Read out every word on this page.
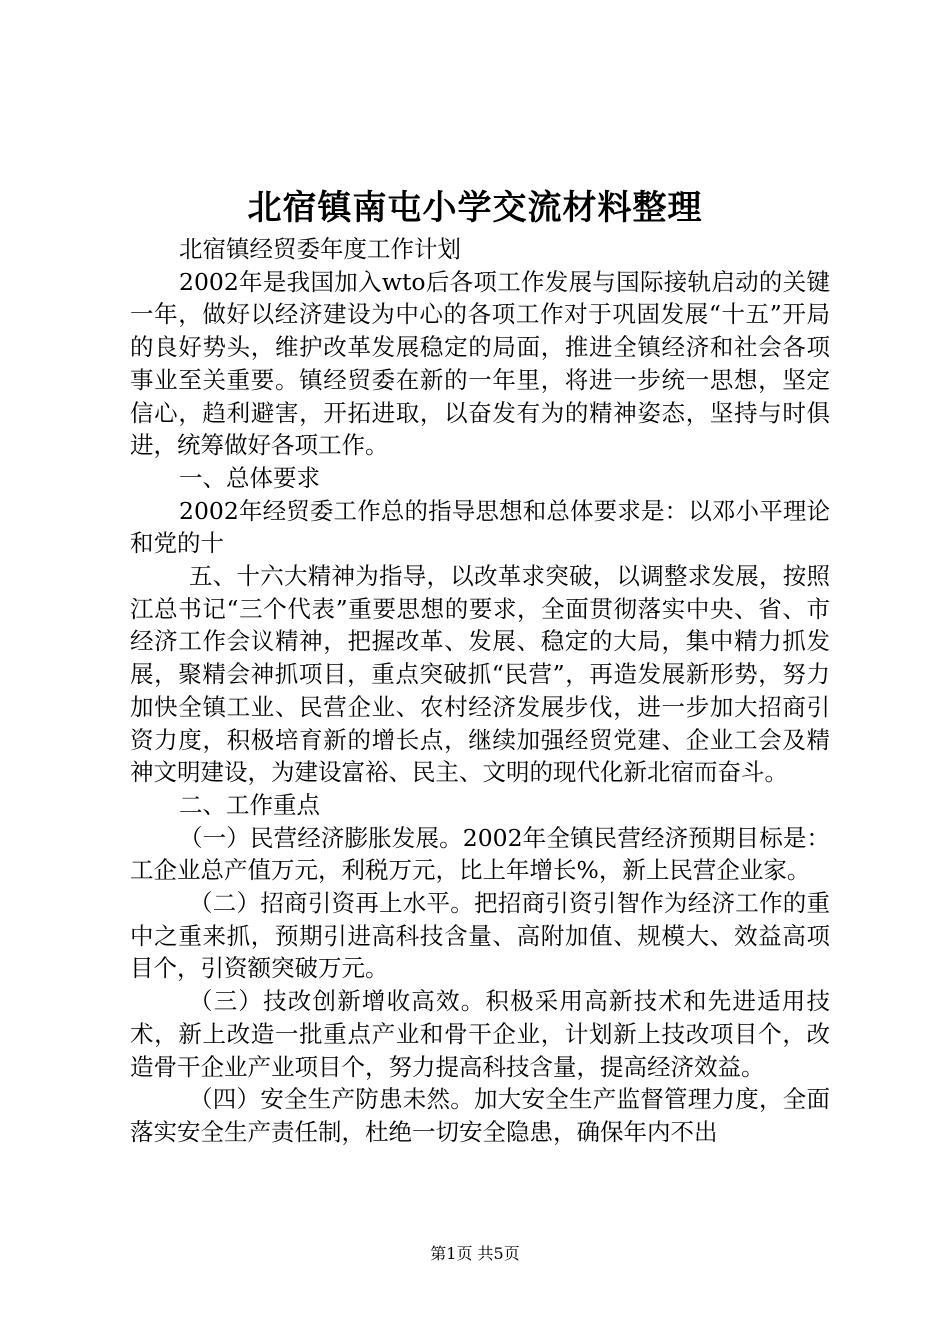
北宿镇南屯小学交流材料整理

北宿镇经贸委年度工作计划

2002年是我国加入wto后各项工作发展与国际接轨启动的关键一年，做好以经济建设为中心的各项工作对于巩固发展“十五”开局的良好势头，维护改革发展稳定的局面，推进全镇经济和社会各项事业至关重要。镇经贸委在新的一年里，将进一步统一思想，坚定信心，趋利避害，开拓进取，以奋发有为的精神姿态，坚持与时俱进，统筹做好各项工作。

一、总体要求

2002年经贸委工作总的指导思想和总体要求是：以邓小平理论和党的十

五、十六大精神为指导，以改革求突破，以调整求发展，按照江总书记“三个代表”重要思想的要求，全面贯彻落实中央、省、市经济工作会议精神，把握改革、发展、稳定的大局，集中精力抓发展，聚精会神抓项目，重点突破抓“民营”，再造发展新形势，努力加快全镇工业、民营企业、农村经济发展步伐，进一步加大招商引资力度，积极培育新的增长点，继续加强经贸党建、企业工会及精神文明建设，为建设富裕、民主、文明的现代化新北宿而奋斗。

二、工作重点

（一）民营经济膨胀发展。2002年全镇民营经济预期目标是：工企业总产值万元，利税万元，比上年增长%，新上民营企业家。

（二）招商引资再上水平。把招商引资引智作为经济工作的重中之重来抓，预期引进高科技含量、高附加值、规模大、效益高项目个，引资额突破万元。

（三）技改创新增收高效。积极采用高新技术和先进适用技术，新上改造一批重点产业和骨干企业，计划新上技改项目个，改造骨干企业产业项目个，努力提高科技含量，提高经济效益。

（四）安全生产防患未然。加大安全生产监督管理力度，全面落实安全生产责任制，杜绝一切安全隐患，确保年内不出

第1页 共5页
